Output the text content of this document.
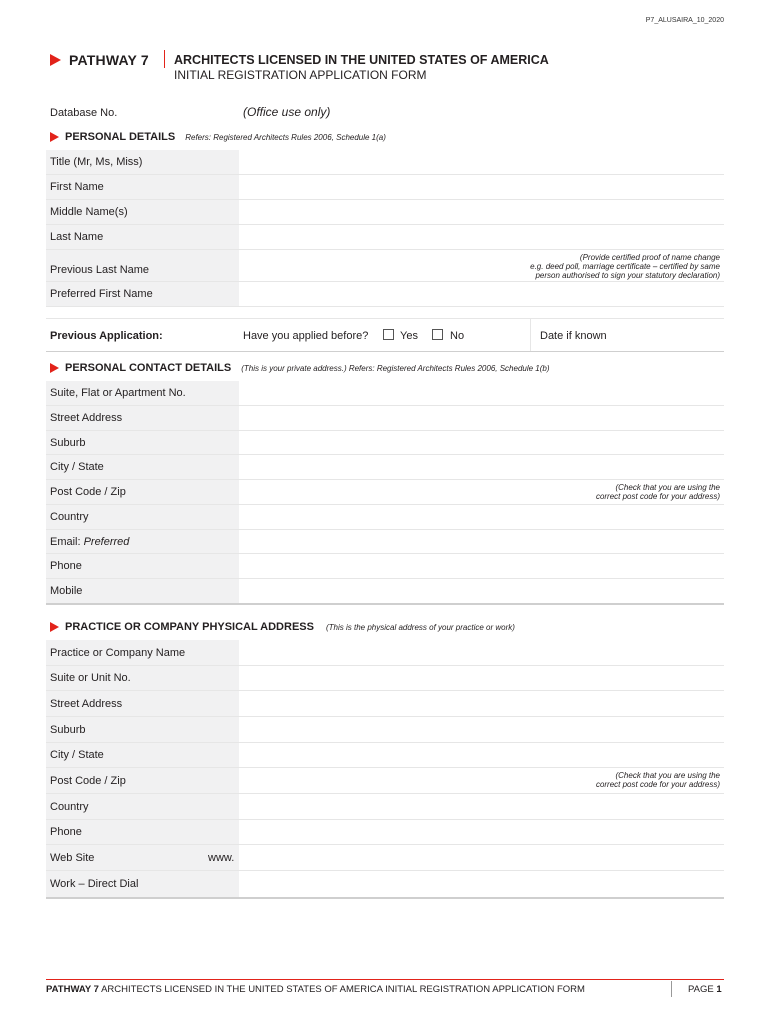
P7_ALUSAIRA_10_2020
PATHWAY 7 ARCHITECTS LICENSED IN THE UNITED STATES OF AMERICA
INITIAL REGISTRATION APPLICATION FORM
Database No.	(Office use only)
PERSONAL DETAILS Refers: Registered Architects Rules 2006, Schedule 1(a)
Title (Mr, Ms, Miss)
First Name
Middle Name(s)
Last Name
Previous Last Name
(Provide certified proof of name change
e.g. deed poll, marriage certificate – certified by same
person authorised to sign your statutory declaration)
Preferred First Name
Previous Application:	Have you applied before?	Yes	No	Date if known
PERSONAL CONTACT DETAILS (This is your private address.) Refers: Registered Architects Rules 2006, Schedule 1(b)
Suite, Flat or Apartment No.
Street Address
Suburb
City / State
Post Code / Zip	(Check that you are using the
correct post code for your address)
Country
Email: Preferred
Phone
Mobile
PRACTICE OR COMPANY PHYSICAL ADDRESS (This is the physical address of your practice or work)
Practice or Company Name
Suite or Unit No.
Street Address
Suburb
City / State
Post Code / Zip	(Check that you are using the
correct post code for your address)
Country
Phone
Web Site	www.
Work – Direct Dial
PATHWAY 7 ARCHITECTS LICENSED IN THE UNITED STATES OF AMERICA INITIAL REGISTRATION APPLICATION FORM	PAGE 1
